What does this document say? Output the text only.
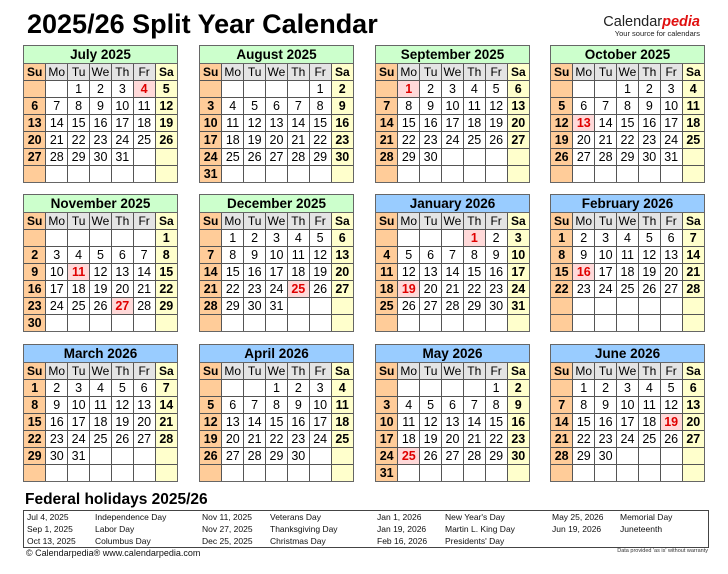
2025/26 Split Year Calendar	Calendarpedia
Your source for calendars
July 2025
Su	Mo	Tu	We	Th	Fr	Sa
		1	2	3	4	5
6	7	8	9	10	11	12
13	14	15	16	17	18	19
20	21	22	23	24	25	26
27	28	29	30	31		

August 2025
Su	Mo	Tu	We	Th	Fr	Sa
					1	2
3	4	5	6	7	8	9
10	11	12	13	14	15	16
17	18	19	20	21	22	23
24	25	26	27	28	29	30
31						
September 2025
Su	Mo	Tu	We	Th	Fr	Sa
	1	2	3	4	5	6
7	8	9	10	11	12	13
14	15	16	17	18	19	20
21	22	23	24	25	26	27
28	29	30				

October 2025
Su	Mo	Tu	We	Th	Fr	Sa
			1	2	3	4
5	6	7	8	9	10	11
12	13	14	15	16	17	18
19	20	21	22	23	24	25
26	27	28	29	30	31	

November 2025
Su	Mo	Tu	We	Th	Fr	Sa
						1
2	3	4	5	6	7	8
9	10	11	12	13	14	15
16	17	18	19	20	21	22
23	24	25	26	27	28	29
30						
December 2025
Su	Mo	Tu	We	Th	Fr	Sa
	1	2	3	4	5	6
7	8	9	10	11	12	13
14	15	16	17	18	19	20
21	22	23	24	25	26	27
28	29	30	31			

January 2026
Su	Mo	Tu	We	Th	Fr	Sa
				1	2	3
4	5	6	7	8	9	10
11	12	13	14	15	16	17
18	19	20	21	22	23	24
25	26	27	28	29	30	31

February 2026
Su	Mo	Tu	We	Th	Fr	Sa
1	2	3	4	5	6	7
8	9	10	11	12	13	14
15	16	17	18	19	20	21
22	23	24	25	26	27	28

March 2026
Su	Mo	Tu	We	Th	Fr	Sa
1	2	3	4	5	6	7
8	9	10	11	12	13	14
15	16	17	18	19	20	21
22	23	24	25	26	27	28
29	30	31				

April 2026
Su	Mo	Tu	We	Th	Fr	Sa
			1	2	3	4
5	6	7	8	9	10	11
12	13	14	15	16	17	18
19	20	21	22	23	24	25
26	27	28	29	30		

May 2026
Su	Mo	Tu	We	Th	Fr	Sa
					1	2
3	4	5	6	7	8	9
10	11	12	13	14	15	16
17	18	19	20	21	22	23
24	25	26	27	28	29	30
31						
June 2026
Su	Mo	Tu	We	Th	Fr	Sa
	1	2	3	4	5	6
7	8	9	10	11	12	13
14	15	16	17	18	19	20
21	22	23	24	25	26	27
28	29	30				

Federal holidays 2025/26
Jul 4, 2025	Independence Day
Sep 1, 2025	Labor Day
Oct 13, 2025	Columbus Day
Nov 11, 2025	Veterans Day
Nov 27, 2025	Thanksgiving Day
Dec 25, 2025	Christmas Day
Jan 1, 2026	New Year's Day
Jan 19, 2026	Martin L. King Day
Feb 16, 2026	Presidents' Day
May 25, 2026	Memorial Day
Jun 19, 2026	Juneteenth
© Calendarpedia® www.calendarpedia.com	Data provided 'as is' without warranty
